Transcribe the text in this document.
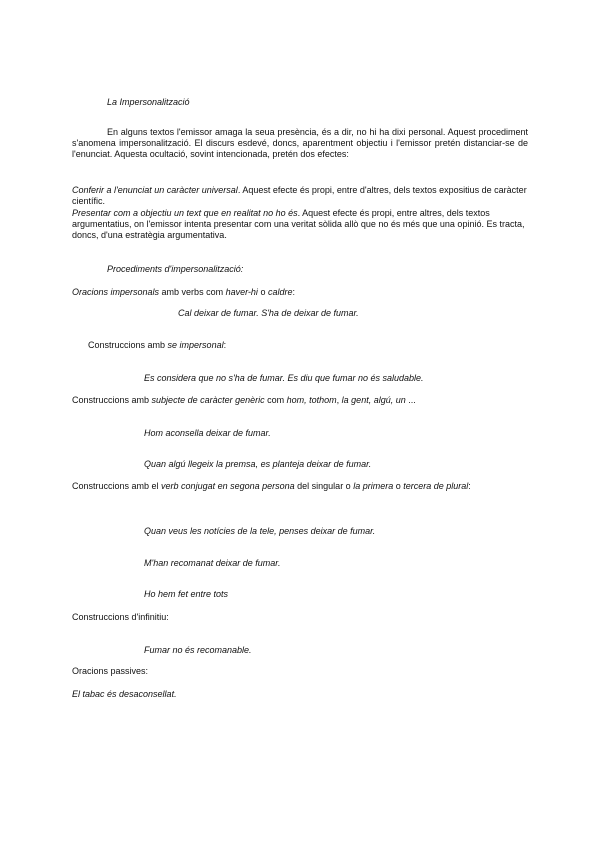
La Impersonalització
En alguns textos l'emissor amaga la seua presència, és a dir, no hi ha dixi personal. Aquest procediment s'anomena impersonalització. El discurs esdevé, doncs, aparentment objectiu i l'emissor pretén distanciar-se de l'enunciat. Aquesta ocultació, sovint intencionada, pretén dos efectes:
Conferir a l'enunciat un caràcter universal. Aquest efecte és propi, entre d'altres, dels textos expositius de caràcter científic.
Presentar com a objectiu un text que en realitat no ho és. Aquest efecte és propi, entre altres, dels textos argumentatius, on l'emissor intenta presentar com una veritat sòlida allò que no és més que una opinió. Es tracta, doncs, d'una estratègia argumentativa.
Procediments d'impersonalització:
Oracions impersonals amb verbs com haver-hi o caldre:
Cal deixar de fumar. S'ha de deixar de fumar.
Construccions amb se impersonal:
Es considera que no s'ha de fumar. Es diu que fumar no és saludable.
Construccions amb subjecte de caràcter genèric com hom, tothom, la gent, algú, un ...
Hom aconsella deixar de fumar.
Quan algú llegeix la premsa, es planteja deixar de fumar.
Construccions amb el verb conjugat en segona persona del singular o la primera o tercera de plural:
Quan veus les notícies de la tele, penses deixar de fumar.
M'han recomanat deixar de fumar.
Ho hem fet entre tots
Construccions d'infinitiu:
Fumar no és recomanable.
Oracions passives:
El tabac és desaconsellat.
